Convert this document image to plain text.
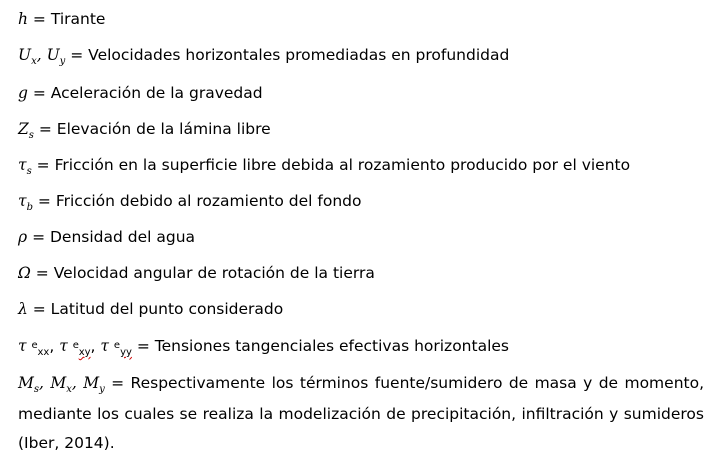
h = Tirante
$U_x$, $U_y$ = Velocidades horizontales promediadas en profundidad
g = Aceleración de la gravedad
$Z_s$ = Elevación de la lámina libre
$\tau_s$ = Fricción en la superficie libre debida al rozamiento producido por el viento
$\tau_b$ = Fricción debido al rozamiento del fondo
ρ = Densidad del agua
Ω = Velocidad angular de rotación de la tierra
λ = Latitud del punto considerado
τ $e_{xx}$, τ $e_{xy}$, τ $e_{yy}$ = Tensiones tangenciales efectivas horizontales
$M_s$, $M_x$, $M_y$ = Respectivamente los términos fuente/sumidero de masa y de momento, mediante los cuales se realiza la modelización de precipitación, infiltración y sumideros (Iber, 2014).
